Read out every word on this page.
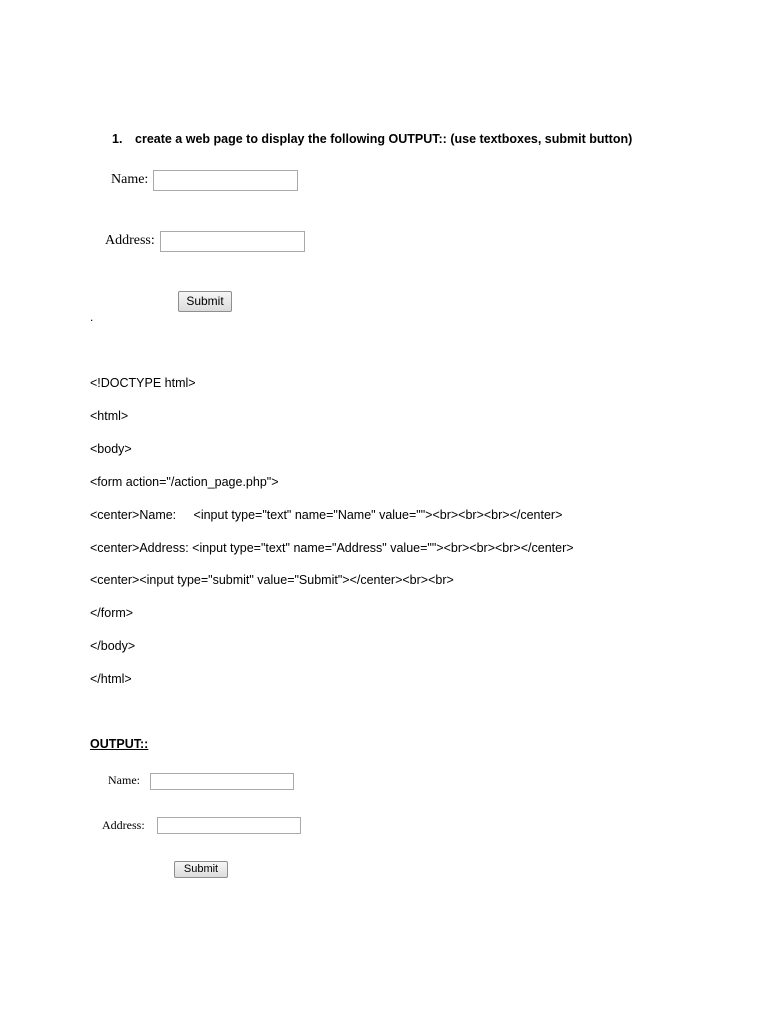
1. create a web page to display the following OUTPUT:: (use textboxes, submit button)
Name:
Address:
Submit
.
<!DOCTYPE html>
<html>
<body>
<form action="/action_page.php">
<center>Name:     <input type="text" name="Name" value=""><br><br><br></center>
<center>Address: <input type="text" name="Address" value=""><br><br><br></center>
<center><input type="submit" value="Submit"></center><br><br>
</form>
</body>
</html>
OUTPUT::
Name:
Address:
Submit
